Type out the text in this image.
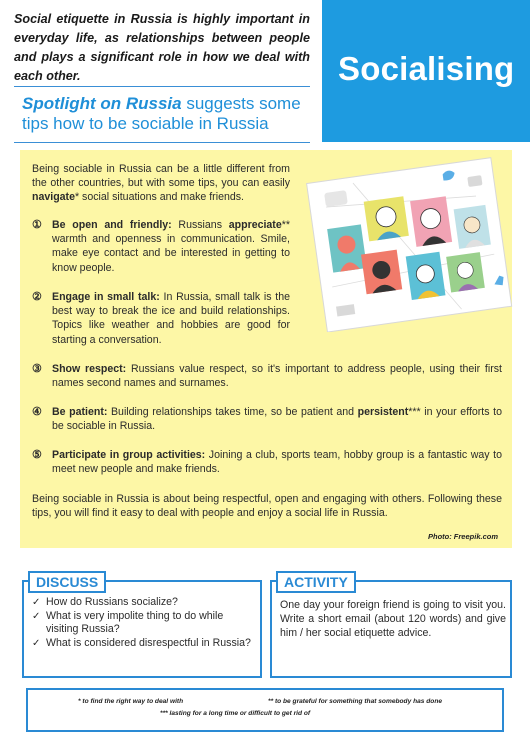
Social etiquette in Russia is highly important in everyday life, as relationships between people and plays a significant role in how we deal with each other.

Spotlight on Russia suggests some tips how to be sociable in Russia

Socialising

Being sociable in Russia can be a little different from the other countries, but with some tips, you can easily navigate* social situations and make friends.

① Be open and friendly: Russians appreciate** warmth and openness in communication. Smile, make eye contact and be interested in getting to know people.

② Engage in small talk: In Russia, small talk is the best way to break the ice and build relationships. Topics like weather and hobbies are good for starting a conversation.

③ Show respect: Russians value respect, so it's important to address people, using their first names second names and surnames.

④ Be patient: Building relationships takes time, so be patient and persistent*** in your efforts to be sociable in Russia.

⑤ Participate in group activities: Joining a club, sports team, hobby group is a fantastic way to meet new people and make friends.

Being sociable in Russia is about being respectful, open and engaging with others. Following these tips, you will find it easy to deal with people and enjoy a social life in Russia.

Photo: Freepik.com
✓ How do Russians socialize?
✓ What is very impolite thing to do while visiting Russia?
✓ What is considered disrespectful in Russia?
DISCUSS

One day your foreign friend is going to visit you. Write a short email (about 120 words) and give him / her social etiquette advice.

ACTIVITY
* to find the right way to deal with	** to be grateful for something that somebody has done
*** lasting for a long time or difficult to get rid of
